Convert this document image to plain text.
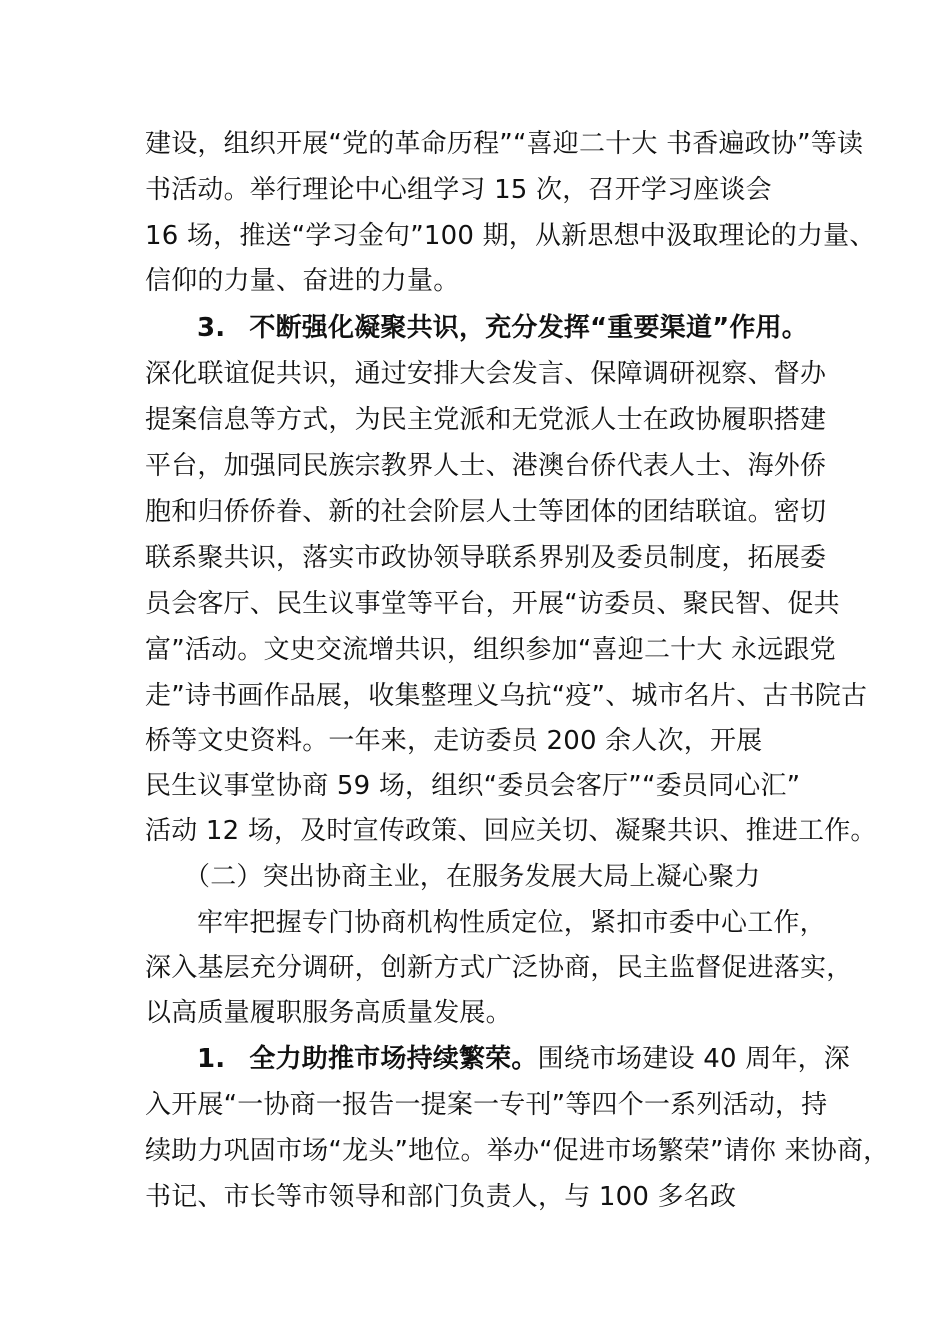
建设，组织开展“党的革命历程”“喜迎二十大 书香遍政协”等读
书活动。举行理论中心组学习 15 次，召开学习座谈会
16 场，推送“学习金句”100 期，从新思想中汲取理论的力量、
信仰的力量、奋进的力量。
3. 不断强化凝聚共识，充分发挥“重要渠道”作用。
深化联谊促共识，通过安排大会发言、保障调研视察、督办
提案信息等方式，为民主党派和无党派人士在政协履职搭建
平台，加强同民族宗教界人士、港澳台侨代表人士、海外侨
胞和归侨侨眷、新的社会阶层人士等团体的团结联谊。密切
联系聚共识，落实市政协领导联系界别及委员制度，拓展委
员会客厅、民生议事堂等平台，开展“访委员、聚民智、促共
富”活动。文史交流增共识，组织参加“喜迎二十大 永远跟党
走”诗书画作品展，收集整理义乌抗“疫”、城市名片、古书院古
桥等文史资料。一年来，走访委员 200 余人次，开展
民生议事堂协商 59 场，组织“委员会客厅”“委员同心汇”
活动 12 场，及时宣传政策、回应关切、凝聚共识、推进工作。
（二）突出协商主业，在服务发展大局上凝心聚力
牢牢把握专门协商机构性质定位，紧扣市委中心工作，
深入基层充分调研，创新方式广泛协商，民主监督促进落实，
以高质量履职服务高质量发展。
1. 全力助推市场持续繁荣。围绕市场建设 40 周年，深
入开展“一协商一报告一提案一专刊”等四个一系列活动，持
续助力巩固市场“龙头”地位。举办“促进市场繁荣”请你 来协商，
书记、市长等市领导和部门负责人，与 100 多名政
